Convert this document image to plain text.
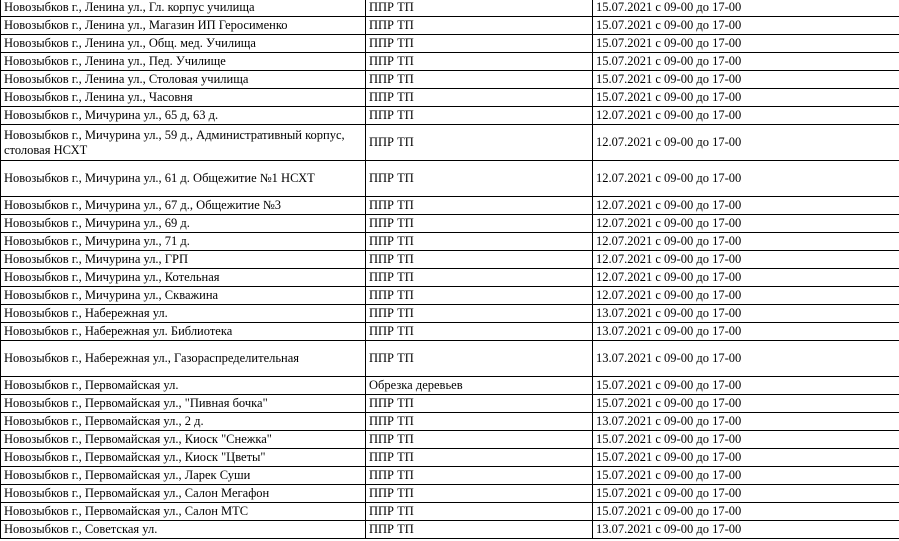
Новозыбков г., Ленина ул., Гл. корпус училища	ППР ТП	15.07.2021 с 09-00 до 17-00
Новозыбков г., Ленина ул., Магазин ИП Геросименко	ППР ТП	15.07.2021 с 09-00 до 17-00
Новозыбков г., Ленина ул., Общ. мед. Училища	ППР ТП	15.07.2021 с 09-00 до 17-00
Новозыбков г., Ленина ул., Пед. Училище	ППР ТП	15.07.2021 с 09-00 до 17-00
Новозыбков г., Ленина ул., Столовая училища	ППР ТП	15.07.2021 с 09-00 до 17-00
Новозыбков г., Ленина ул., Часовня	ППР ТП	15.07.2021 с 09-00 до 17-00
Новозыбков г., Мичурина ул., 65 д, 63 д.	ППР ТП	12.07.2021 с 09-00 до 17-00
Новозыбков г., Мичурина ул., 59 д., Административный корпус, столовая НСХТ	ППР ТП	12.07.2021 с 09-00 до 17-00
Новозыбков г., Мичурина ул., 61 д. Общежитие №1 НСХТ	ППР ТП	12.07.2021 с 09-00 до 17-00
Новозыбков г., Мичурина ул., 67 д., Общежитие №3	ППР ТП	12.07.2021 с 09-00 до 17-00
Новозыбков г., Мичурина ул., 69 д.	ППР ТП	12.07.2021 с 09-00 до 17-00
Новозыбков г., Мичурина ул., 71 д.	ППР ТП	12.07.2021 с 09-00 до 17-00
Новозыбков г., Мичурина ул., ГРП	ППР ТП	12.07.2021 с 09-00 до 17-00
Новозыбков г., Мичурина ул., Котельная	ППР ТП	12.07.2021 с 09-00 до 17-00
Новозыбков г., Мичурина ул., Скважина	ППР ТП	12.07.2021 с 09-00 до 17-00
Новозыбков г., Набережная ул.	ППР ТП	13.07.2021 с 09-00 до 17-00
Новозыбков г., Набережная ул. Библиотека	ППР ТП	13.07.2021 с 09-00 до 17-00
Новозыбков г., Набережная ул., Газораспределительная	ППР ТП	13.07.2021 с 09-00 до 17-00
Новозыбков г., Первомайская ул.	Обрезка деревьев	15.07.2021 с 09-00 до 17-00
Новозыбков г., Первомайская ул., "Пивная бочка"	ППР ТП	15.07.2021 с 09-00 до 17-00
Новозыбков г., Первомайская ул., 2 д.	ППР ТП	13.07.2021 с 09-00 до 17-00
Новозыбков г., Первомайская ул., Киоск "Снежка"	ППР ТП	15.07.2021 с 09-00 до 17-00
Новозыбков г., Первомайская ул., Киоск "Цветы"	ППР ТП	15.07.2021 с 09-00 до 17-00
Новозыбков г., Первомайская ул., Ларек Суши	ППР ТП	15.07.2021 с 09-00 до 17-00
Новозыбков г., Первомайская ул., Салон Мегафон	ППР ТП	15.07.2021 с 09-00 до 17-00
Новозыбков г., Первомайская ул., Салон МТС	ППР ТП	15.07.2021 с 09-00 до 17-00
Новозыбков г., Советская ул.	ППР ТП	13.07.2021 с 09-00 до 17-00
